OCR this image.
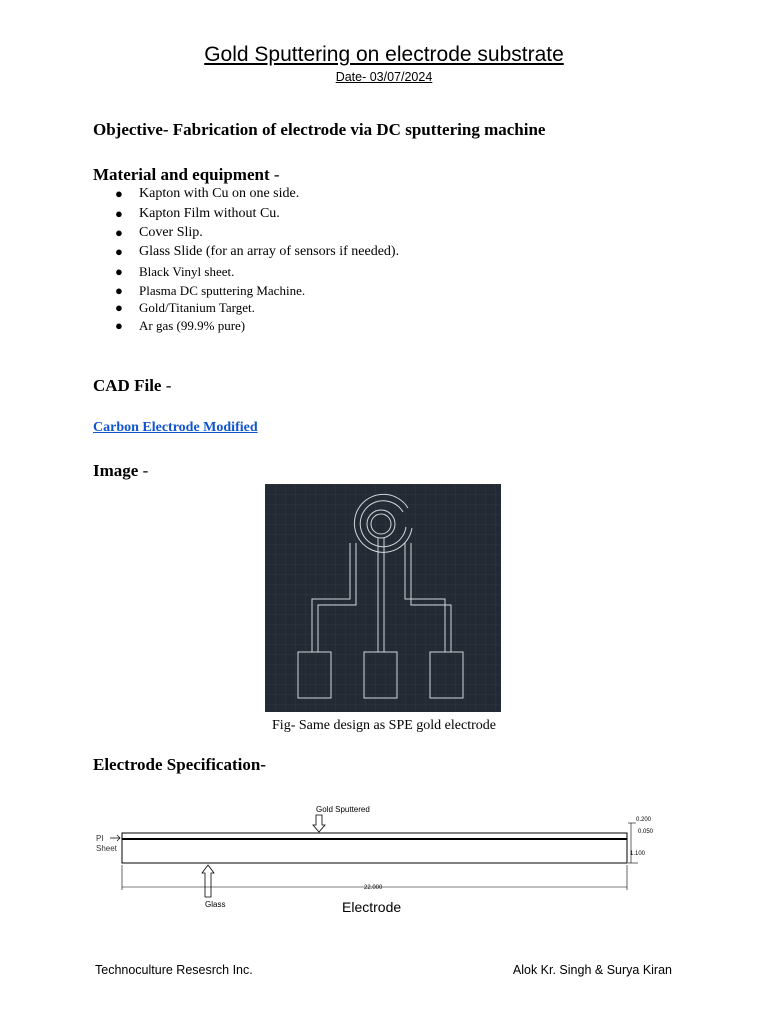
Gold Sputtering on electrode substrate
Date- 03/07/2024
Objective- Fabrication of electrode via DC sputtering machine
Material and equipment -
● Kapton with Cu on one side.
● Kapton Film without Cu.
● Cover Slip.
● Glass Slide (for an array of sensors if needed).
● Black Vinyl sheet.
● Plasma DC sputtering Machine.
● Gold/Titanium Target.
● Ar gas (99.9% pure)
CAD File -
Carbon Electrode Modified
Image -
Fig- Same design as SPE gold electrode
Electrode Specification-
Gold Sputtered
PI
Sheet
Glass
22.000
0.200
0.050
1.100
Electrode
Technoculture Resesrch Inc.	Alok Kr. Singh & Surya Kiran
